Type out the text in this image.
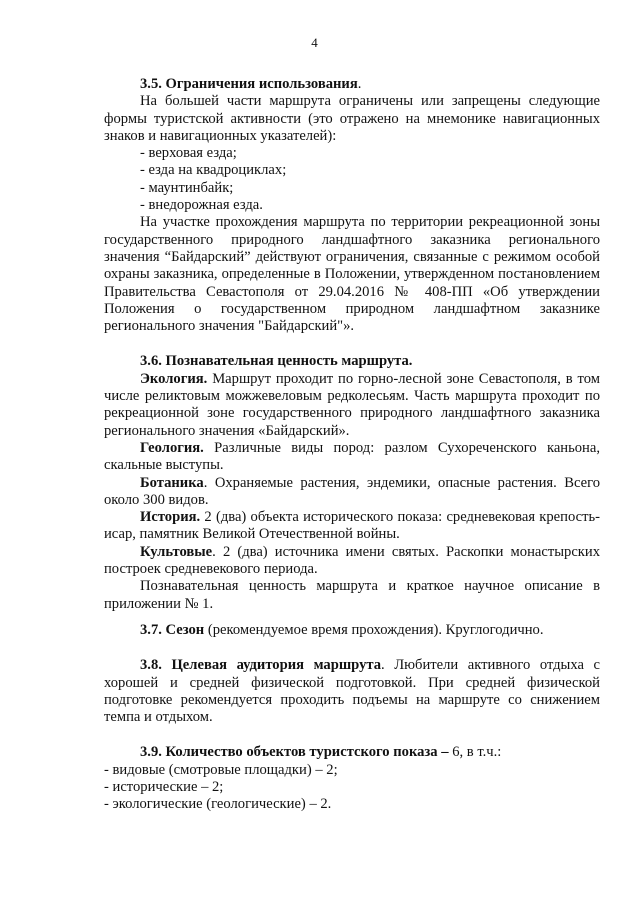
4

3.5. Ограничения использования.

На большей части маршрута ограничены или запрещены следующие формы туристской активности (это отражено на мнемонике навигационных знаков и навигационных указателей):

- верховая езда;

- езда на квадроциклах;

- маунтинбайк;

- внедорожная езда.

На участке прохождения маршрута по территории рекреационной зоны государственного природного ландшафтного заказника регионального значения “Байдарский” действуют ограничения, связанные с режимом особой охраны заказника, определенные в Положении, утвержденном постановлением Правительства Севастополя от 29.04.2016 № 408-ПП «Об утверждении Положения о государственном природном ландшафтном заказнике регионального значения "Байдарский"».

3.6. Познавательная ценность маршрута.

Экология. Маршрут проходит по горно-лесной зоне Севастополя, в том числе реликтовым можжевеловым редколесьям. Часть маршрута проходит по рекреационной зоне государственного природного ландшафтного заказника регионального значения «Байдарский».

Геология. Различные виды пород: разлом Сухореченского каньона, скальные выступы.

Ботаника. Охраняемые растения, эндемики, опасные растения. Всего около 300 видов.

История. 2 (два) объекта исторического показа: средневековая крепость-исар, памятник Великой Отечественной войны.

Культовые. 2 (два) источника имени святых. Раскопки монастырских построек средневекового периода.

Познавательная ценность маршрута и краткое научное описание в приложении № 1.

3.7. Сезон (рекомендуемое время прохождения). Круглогодично.

3.8. Целевая аудитория маршрута. Любители активного отдыха с хорошей и средней физической подготовкой. При средней физической подготовке рекомендуется проходить подъемы на маршруте со снижением темпа и отдыхом.

3.9. Количество объектов туристского показа – 6, в т.ч.:

- видовые (смотровые площадки) – 2;

- исторические – 2;

- экологические (геологические) – 2.
